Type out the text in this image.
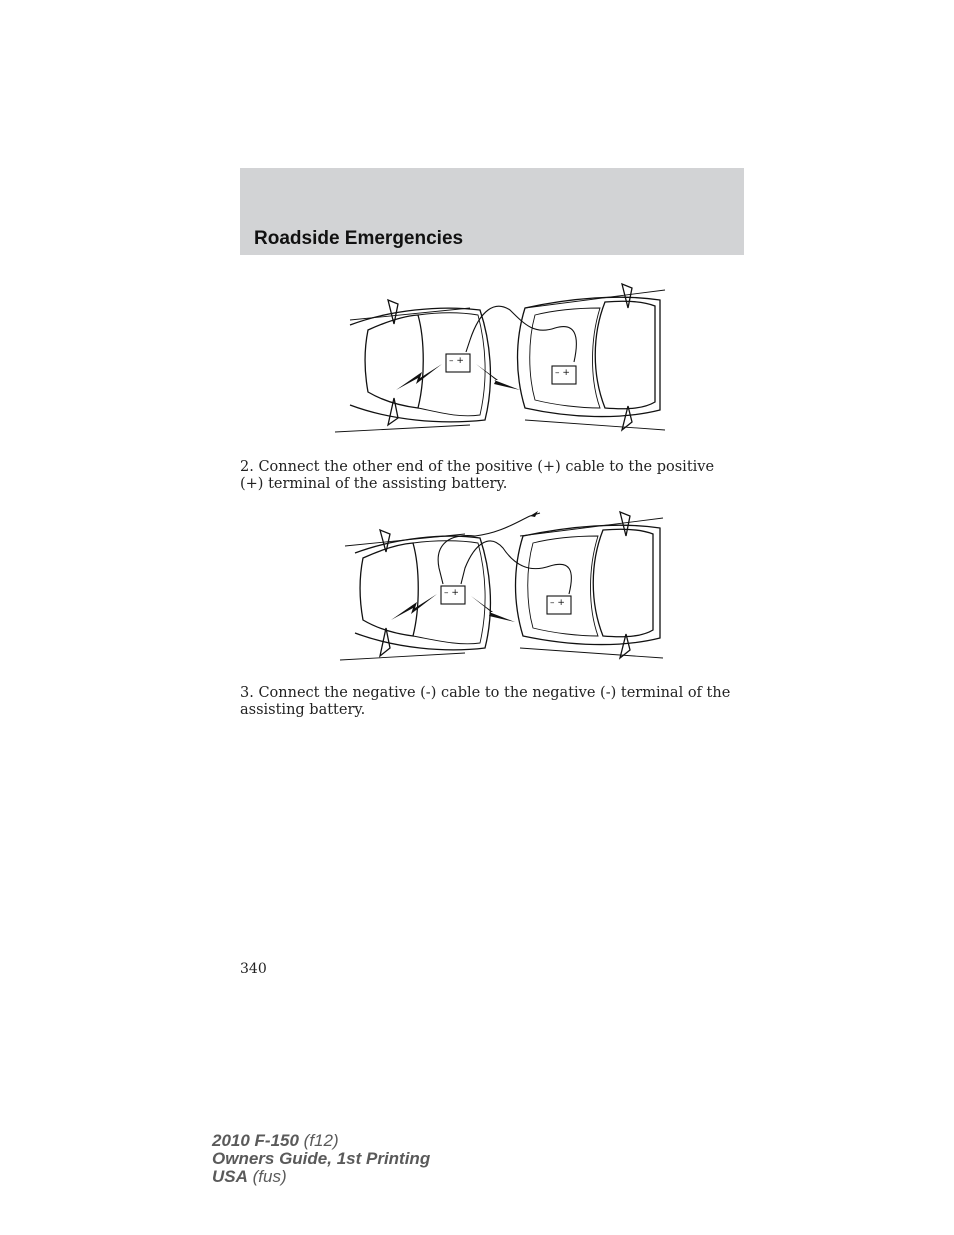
Roadside Emergencies
– +
– +
2. Connect the other end of the positive (+) cable to the positive (+) terminal of the assisting battery.
– +
– +
3. Connect the negative (-) cable to the negative (-) terminal of the assisting battery.
340
2010 F-150 (f12)
Owners Guide, 1st Printing
USA (fus)
